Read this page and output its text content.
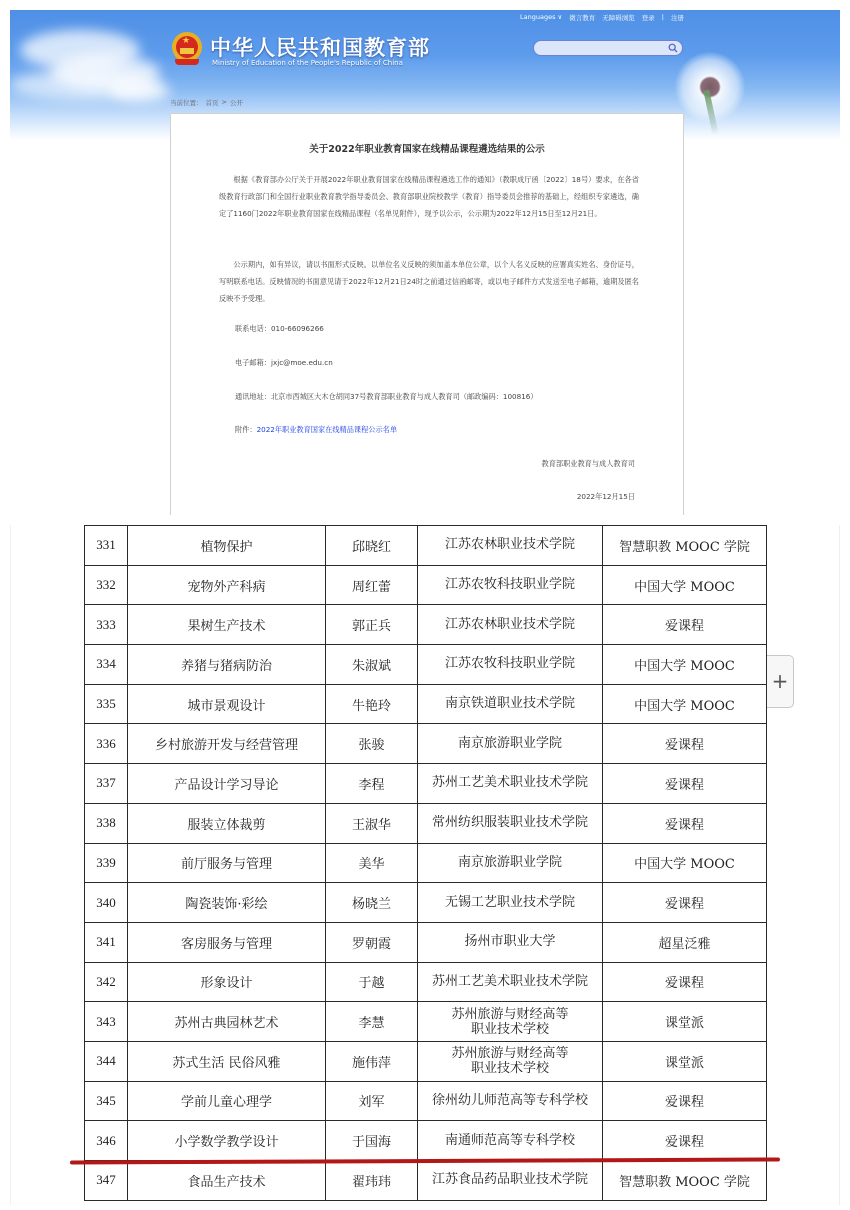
★ 中华人民共和国教育部
Ministry of Education of the People's Republic of China
Languages ∨ 微言教育 无障碍浏览 登录 | 注册
当前位置： 首页 > 公开
关于2022年职业教育国家在线精品课程遴选结果的公示
根据《教育部办公厅关于开展2022年职业教育国家在线精品课程遴选工作的通知》（教职成厅函〔2022〕18号）要求，在各省级教育行政部门和全国行业职业教育教学指导委员会、教育部职业院校教学（教育）指导委员会推荐的基础上，经组织专家遴选，确定了1160门2022年职业教育国家在线精品课程（名单见附件），现予以公示，公示期为2022年12月15日至12月21日。
公示期内，如有异议，请以书面形式反映。以单位名义反映的须加盖本单位公章，以个人名义反映的应署真实姓名、身份证号，写明联系电话。反映情况的书面意见请于2022年12月21日24时之前通过信函邮寄，或以电子邮件方式发送至电子邮箱，逾期及匿名反映不予受理。
联系电话：010-66096266
电子邮箱：jxjc@moe.edu.cn
通讯地址：北京市西城区大木仓胡同37号教育部职业教育与成人教育司（邮政编码：100816）
附件：2022年职业教育国家在线精品课程公示名单
教育部职业教育与成人教育司
2022年12月15日
331	植物保护	邱晓红	江苏农林职业技术学院	智慧职教 MOOC 学院
332	宠物外产科病	周红蕾	江苏农牧科技职业学院	中国大学 MOOC
333	果树生产技术	郭正兵	江苏农林职业技术学院	爱课程
334	养猪与猪病防治	朱淑斌	江苏农牧科技职业学院	中国大学 MOOC
335	城市景观设计	牛艳玲	南京铁道职业技术学院	中国大学 MOOC
336	乡村旅游开发与经营管理	张骏	南京旅游职业学院	爱课程
337	产品设计学习导论	李程	苏州工艺美术职业技术学院	爱课程
338	服装立体裁剪	王淑华	常州纺织服装职业技术学院	爱课程
339	前厅服务与管理	美华	南京旅游职业学院	中国大学 MOOC
340	陶瓷装饰·彩绘	杨晓兰	无锡工艺职业技术学院	爱课程
341	客房服务与管理	罗朝霞	扬州市职业大学	超星泛雅
342	形象设计	于越	苏州工艺美术职业技术学院	爱课程
343	苏州古典园林艺术	李慧	苏州旅游与财经高等
职业技术学校	课堂派
344	苏式生活 民俗风雅	施伟萍	苏州旅游与财经高等
职业技术学校	课堂派
345	学前儿童心理学	刘军	徐州幼儿师范高等专科学校	爱课程
346	小学数学教学设计	于国海	南通师范高等专科学校	爱课程
347	食品生产技术	翟玮玮	江苏食品药品职业技术学院	智慧职教 MOOC 学院
+
